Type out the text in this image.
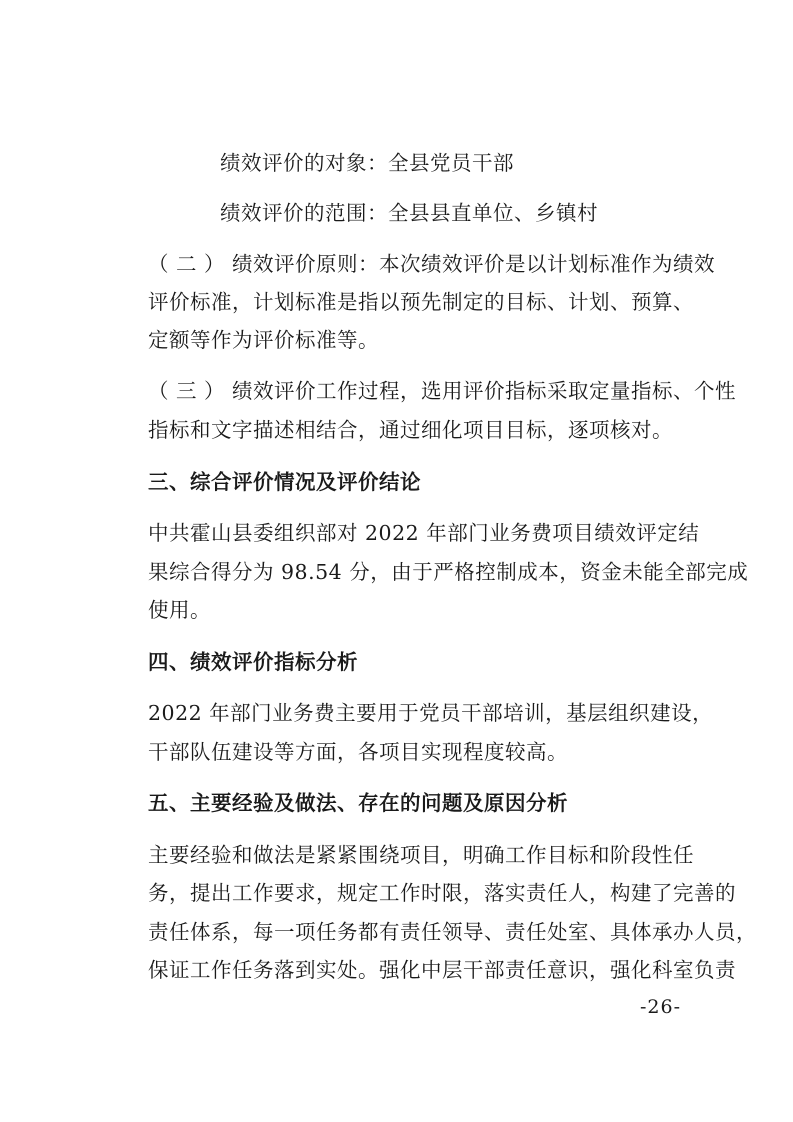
绩效评价的对象：全县党员干部
绩效评价的范围：全县县直单位、乡镇村
（ 二 ） 绩效评价原则：本次绩效评价是以计划标准作为绩效
评价标准，计划标准是指以预先制定的目标、计划、预算、
定额等作为评价标准等。
（ 三 ） 绩效评价工作过程，选用评价指标采取定量指标、个性
指标和文字描述相结合，通过细化项目目标，逐项核对。
三、综合评价情况及评价结论
中共霍山县委组织部对 2022 年部门业务费项目绩效评定结
果综合得分为 98.54 分，由于严格控制成本，资金未能全部完成
使用。
四、绩效评价指标分析
2022 年部门业务费主要用于党员干部培训，基层组织建设，
干部队伍建设等方面，各项目实现程度较高。
五、主要经验及做法、存在的问题及原因分析
主要经验和做法是紧紧围绕项目，明确工作目标和阶段性任
务，提出工作要求，规定工作时限，落实责任人，构建了完善的
责任体系，每一项任务都有责任领导、责任处室、具体承办人员，
保证工作任务落到实处。强化中层干部责任意识，强化科室负责
-26-
